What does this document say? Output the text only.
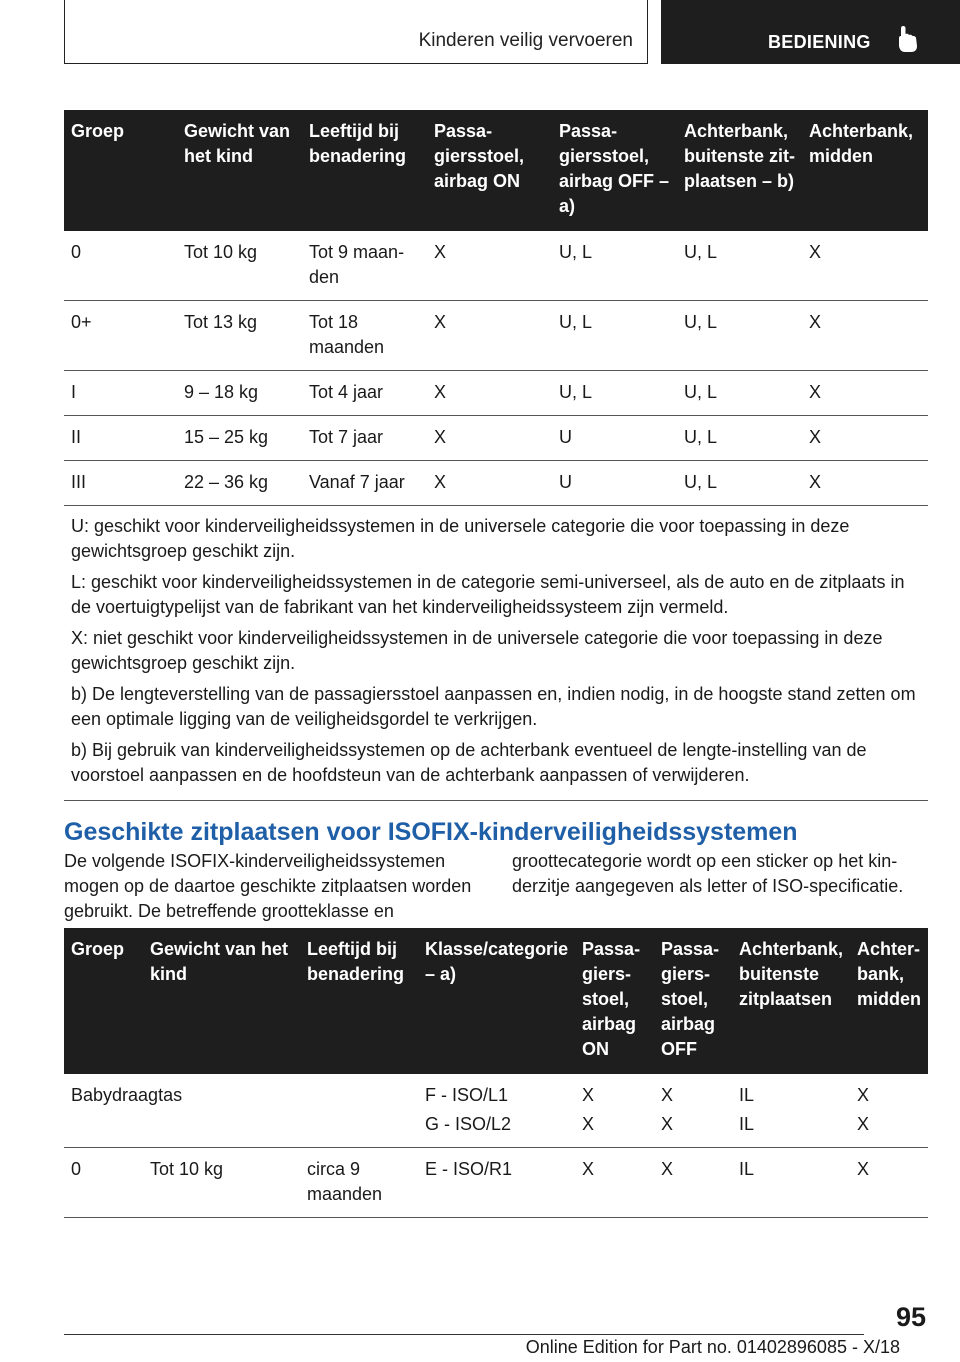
Kinderen veilig vervoeren	BEDIENING
Groep	Gewicht van het kind	Leeftijd bij benadering	Passagiersstoel, airbag ON	Passagiersstoel, airbag OFF – a)	Achterbank, buitenste zitplaatsen – b)	Achterbank, midden
0	Tot 10 kg	Tot 9 maanden	X	U, L	U, L	X
0+	Tot 13 kg	Tot 18 maanden	X	U, L	U, L	X
I	9 – 18 kg	Tot 4 jaar	X	U, L	U, L	X
II	15 – 25 kg	Tot 7 jaar	X	U	U, L	X
III	22 – 36 kg	Vanaf 7 jaar	X	U	U, L	X

U: geschikt voor kinderveiligheidssystemen in de universele categorie die voor toepassing in deze gewichtsgroep geschikt zijn.

L: geschikt voor kinderveiligheidssystemen in de categorie semi-universeel, als de auto en de zitplaats in de voertuigtypelijst van de fabrikant van het kinderveiligheidssysteem zijn vermeld.

X: niet geschikt voor kinderveiligheidssystemen in de universele categorie die voor toepassing in deze gewichtsgroep geschikt zijn.

b) De lengteverstelling van de passagiersstoel aanpassen en, indien nodig, in de hoogste stand zetten om een optimale ligging van de veiligheidsgordel te verkrijgen.

b) Bij gebruik van kinderveiligheidssystemen op de achterbank eventueel de lengte-instelling van de voorstoel aanpassen en de hoofdsteun van de achterbank aanpassen of verwijderen.						

Geschikte zitplaatsen voor ISOFIX-kinderveiligheidssystemen
De volgende ISOFIX-kinderveiligheidssystemen mogen op de daartoe geschikte zitplaatsen worden gebruikt. De betreffende grootteklasse en
groottecategorie wordt op een sticker op het kinderzitje aangegeven als letter of ISO-specificatie.
Groep	Gewicht van het kind	Leeftijd bij benadering	Klasse/categorie – a)	Passagiersstoel, airbag ON	Passagiersstoel, airbag OFF	Achterbank, buitenste zitplaatsen	Achterbank, midden
Babydraagtas			F - ISO/L1	X	X	IL	X
			G - ISO/L2	X	X	IL	X
0	Tot 10 kg	circa 9 maanden	E - ISO/R1	X	X	IL	X
95
Online Edition for Part no. 01402896085 - X/18
